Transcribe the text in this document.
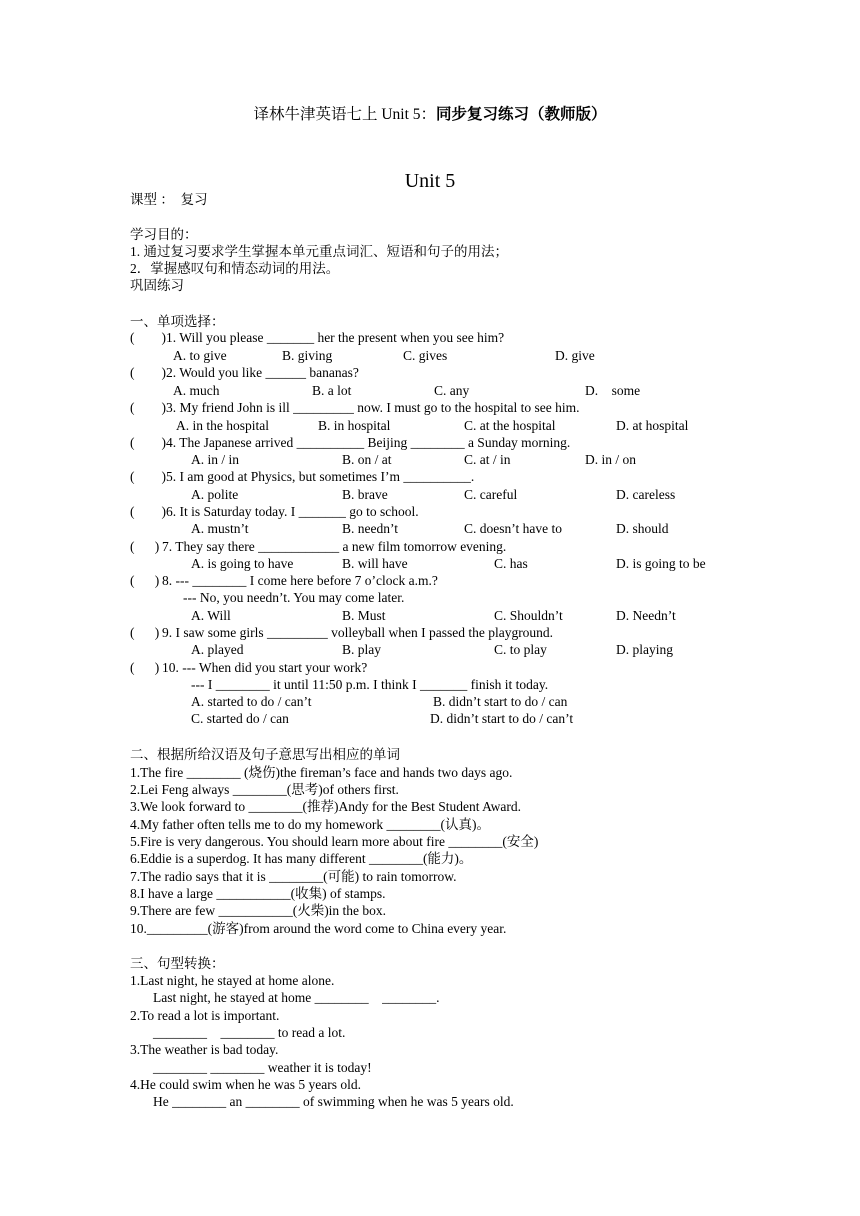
译林牛津英语七上 Unit 5：同步复习练习（教师版）
Unit 5
课型 ：  复习
学习目的：
1. 通过复习要求学生掌握本单元重点词汇、短语和句子的用法；
2．掌握感叹句和情态动词的用法。
巩固练习
一、单项选择：
(        ) 1. Will you please _______ her the present when you see him?
A. to give	B. giving	C. gives	D. give
(        ) 2. Would you like ______ bananas?
A. much	B. a lot	C. any	D.    some
(        ) 3. My friend John is ill _________ now. I must go to the hospital to see him.
A. in the hospital	B. in hospital	C. at the hospital	D. at hospital
(        ) 4. The Japanese arrived __________ Beijing ________ a Sunday morning.
A. in / in	B. on / at	C. at / in	D. in / on
(        ) 5. I am good at Physics, but sometimes I’m __________.
A. polite	B. brave	C. careful	D. careless
(        ) 6. It is Saturday today. I _______ go to school.
A. mustn’t	B. needn’t	C. doesn’t have to	D. should
(      ) 7. They say there ____________ a new film tomorrow evening.
A. is going to have	B. will have	C. has	D. is going to be
(      ) 8. --- ________ I come here before 7 o’clock a.m.?
--- No, you needn’t. You may come later.
A. Will	B. Must	C. Shouldn’t	D. Needn’t
(      ) 9. I saw some girls _________ volleyball when I passed the playground.
A. played	B. play	C. to play	D. playing
(      ) 10. --- When did you start your work?
--- I ________ it until 11:50 p.m. I think I _______ finish it today.
A. started to do / can’t	B. didn’t start to do / can
C. started do / can	D. didn’t start to do / can’t
二、根据所给汉语及句子意思写出相应的单词
1.The fire ________ (烧伤)the fireman’s face and hands two days ago.
2.Lei Feng always ________(思考)of others first.
3.We look forward to ________(推荐)Andy for the Best Student Award.
4.My father often tells me to do my homework ________(认真)。
5.Fire is very dangerous. You should learn more about fire ________(安全)
6.Eddie is a superdog. It has many different ________(能力)。
7.The radio says that it is ________(可能) to rain tomorrow.
8.I have a large ___________(收集) of stamps.
9.There are few ___________(火柴)in the box.
10._________(游客)from around the word come to China every year.
三、句型转换：
1.Last night, he stayed at home alone.
Last night, he stayed at home ________    ________.
2.To read a lot is important.
________    ________ to read a lot.
3.The weather is bad today.
________ ________ weather it is today!
4.He could swim when he was 5 years old.
He ________ an ________ of swimming when he was 5 years old.
